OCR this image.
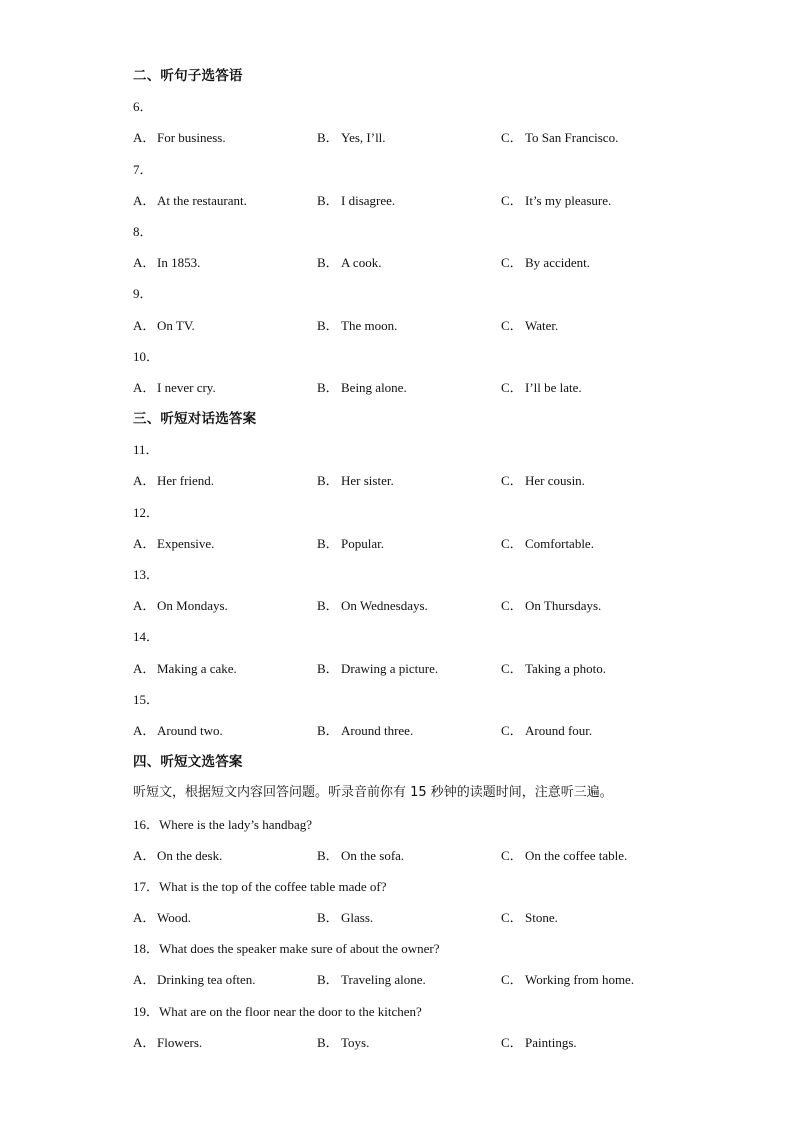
二、听句子选答语
6．
A． For business.	B． Yes, I’ll.	C． To San Francisco.
7．
A． At the restaurant.	B． I disagree.	C． It’s my pleasure.
8．
A． In 1853.	B． A cook.	C． By accident.
9．
A． On TV.	B． The moon.	C． Water.
10．
A． I never cry.	B． Being alone.	C． I’ll be late.
三、听短对话选答案
11．
A． Her friend.	B． Her sister.	C． Her cousin.
12．
A． Expensive.	B． Popular.	C． Comfortable.
13．
A． On Mondays.	B． On Wednesdays.	C． On Thursdays.
14．
A． Making a cake.	B． Drawing a picture.	C． Taking a photo.
15．
A． Around two.	B． Around three.	C． Around four.
四、听短文选答案
听短文，根据短文内容回答问题。听录音前你有 15 秒钟的读题时间，注意听三遍。
16．Where is the lady’s handbag?
A． On the desk.	B． On the sofa.	C． On the coffee table.
17．What is the top of the coffee table made of?
A． Wood.	B． Glass.	C． Stone.
18．What does the speaker make sure of about the owner?
A． Drinking tea often.	B． Traveling alone.	C． Working from home.
19．What are on the floor near the door to the kitchen?
A． Flowers.	B． Toys.	C． Paintings.
